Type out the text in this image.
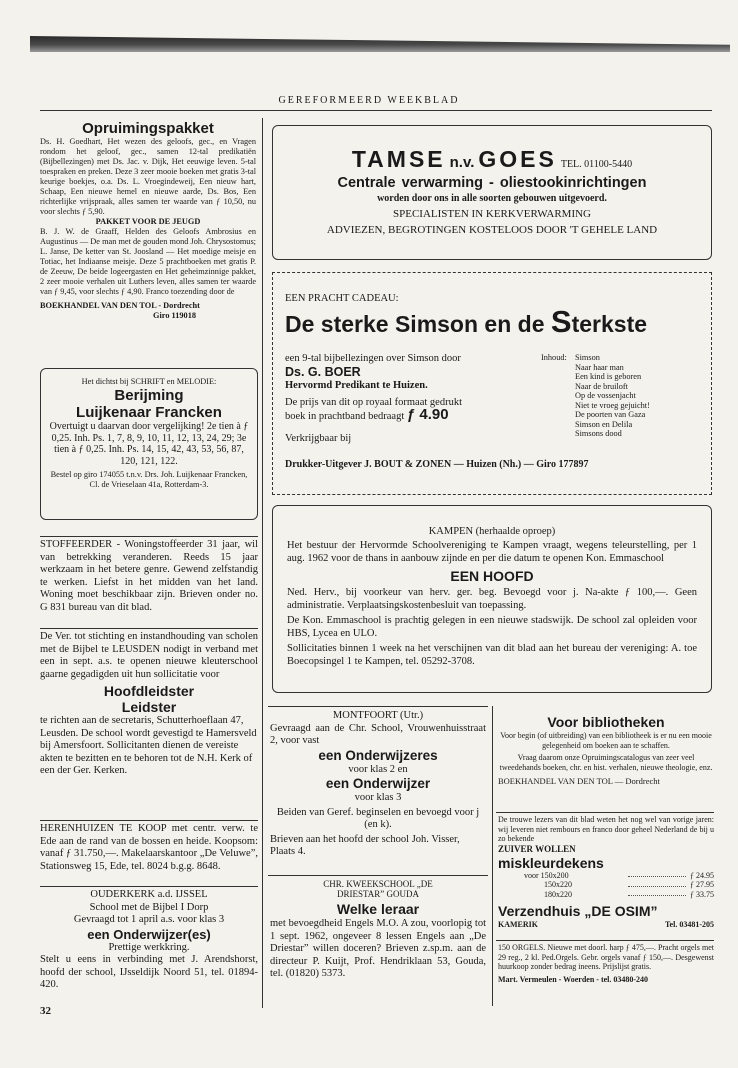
GEREFORMEERD WEEKBLAD
Opruimingspakket

Ds. H. Goedhart, Het wezen des geloofs, gec., en Vragen rondom het geloof, gec., samen 12-tal predikatiën (Bijbellezingen) met Ds. Jac. v. Dijk, Het eeuwige leven. 5-tal toespraken en preken. Deze 3 zeer mooie boeken met gratis 3-tal keurige boekjes, o.a. Ds. L. Vroegindeweij, Een nieuw hart, Schaap, Een nieuwe hemel en nieuwe aarde, Ds. Bos, Een richterlijke vrijspraak, alles samen ter waarde van ƒ 10,50, nu voor slechts ƒ 5,90.

PAKKET VOOR DE JEUGD

B. J. W. de Graaff, Helden des Geloofs Ambrosius en Augustinus — De man met de gouden mond Joh. Chrysostomus; L. Janse, De ketter van St. Joosland — Het moedige meisje en Totiac, het Indiaanse meisje. Deze 5 prachtboeken met gratis P. de Zeeuw, De beide logeergasten en Het geheimzinnige pakket, 2 zeer mooie verhalen uit Luthers leven, alles samen ter waarde van ƒ 9,45, voor slechts ƒ 4,90. Franco toezending door de

BOEKHANDEL VAN DEN TOL - Dordrecht

Giro 119018

Het dichtst bij SCHRIFT en MELODIE:

Berijming
Luijkenaar Francken

Overtuigt u daarvan door vergelijking! 2e tien à ƒ 0,25. Inh. Ps. 1, 7, 8, 9, 10, 11, 12, 13, 24, 29; 3e tien à ƒ 0,25. Inh. Ps. 14, 15, 42, 43, 53, 56, 87, 120, 121, 122.

Bestel op giro 174055 t.n.v. Drs. Joh. Luijkenaar Francken, Cl. de Vrieselaan 41a, Rotterdam-3.

STOFFEERDER - Woningstoffeerder 31 jaar, wil van betrekking veranderen. Reeds 15 jaar werkzaam in het betere genre. Gewend zelfstandig te werken. Liefst in het midden van het land. Woning moet beschikbaar zijn. Brieven onder no. G 831 bureau van dit blad.

De Ver. tot stichting en instandhouding van scholen met de Bijbel te LEUSDEN nodigt in verband met een in sept. a.s. te openen nieuwe kleuterschool gaarne gegadigden uit hun sollicitatie voor

Hoofdleidster
Leidster

te richten aan de secretaris, Schutterhoeflaan 47, Leusden. De school wordt gevestigd te Hamersveld bij Amersfoort. Sollicitanten dienen de vereiste akten te bezitten en te behoren tot de N.H. Kerk of een der Ger. Kerken.

HERENHUIZEN TE KOOP met centr. verw. te Ede aan de rand van de bossen en heide. Koopsom: vanaf ƒ 31.750,—. Makelaarskantoor „De Veluwe”, Stationsweg 15, Ede, tel. 8024 b.g.g. 8648.

OUDERKERK a.d. IJSSEL

School met de Bijbel I Dorp

Gevraagd tot 1 april a.s. voor klas 3

een Onderwijzer(es)

Prettige werkkring.

Stelt u eens in verbinding met J. Arendshorst, hoofd der school, IJsseldijk Noord 51, tel. 01894-420.

32
TAMSE n.v. GOES TEL. 01100-5440
Centrale verwarming - oliestookinrichtingen

worden door ons in alle soorten gebouwen uitgevoerd.

SPECIALISTEN IN KERKVERWARMING

ADVIEZEN, BEGROTINGEN KOSTELOOS DOOR 'T GEHELE LAND

EEN PRACHT CADEAU:

De sterke Simson en de Sterkste

een 9-tal bijbellezingen over Simson door

Ds. G. BOER

Hervormd Predikant te Huizen.

De prijs van dit op royaal formaat gedrukt boek in prachtband bedraagt ƒ 4.90

Verkrijgbaar bij

Inhoud: Simson
Naar haar man
Een kind is geboren
Naar de bruiloft
Op de vossenjacht
Niet te vroeg gejuicht!
De poorten van Gaza
Simson en Delila
Simsons dood

Drukker-Uitgever J. BOUT & ZONEN — Huizen (Nh.) — Giro 177897

KAMPEN (herhaalde oproep)

Het bestuur der Hervormde Schoolvereniging te Kampen vraagt, wegens teleurstelling, per 1 aug. 1962 voor de thans in aanbouw zijnde en per die datum te openen Kon. Emmaschool

EEN HOOFD

Ned. Herv., bij voorkeur van herv. ger. beg. Bevoegd voor j. Na-akte ƒ 100,—. Geen administratie. Verplaatsingskostenbesluit van toepassing.

De Kon. Emmaschool is prachtig gelegen in een nieuwe stadswijk. De school zal opleiden voor HBS, Lycea en ULO.

Sollicitaties binnen 1 week na het verschijnen van dit blad aan het bureau der vereniging: A. toe Boecopsingel 1 te Kampen, tel. 05292-3708.

MONTFOORT (Utr.)

Gevraagd aan de Chr. School, Vrouwenhuisstraat 2, voor vast

een Onderwijzeres

voor klas 2 en

een Onderwijzer

voor klas 3

Beiden van Geref. beginselen en bevoegd voor j (en k).

Brieven aan het hoofd der school Joh. Visser, Plaats 4.

CHR. KWEEKSCHOOL „DE DRIESTAR” GOUDA

Welke leraar

met bevoegdheid Engels M.O. A zou, voorlopig tot 1 sept. 1962, ongeveer 8 lessen Engels aan „De Driestar” willen doceren? Brieven z.sp.m. aan de directeur P. Kuijt, Prof. Hendriklaan 53, Gouda, tel. (01820) 5373.

Voor bibliotheken

Voor begin (of uitbreiding) van een bibliotheek is er nu een mooie gelegenheid om boeken aan te schaffen.

Vraag daarom onze Opruimingscatalogus van zeer veel tweedehands boeken, chr. en hist. verhalen, nieuwe theologie, enz.

BOEKHANDEL VAN DEN TOL — Dordrecht

De trouwe lezers van dit blad weten het nog wel van vorige jaren: wij leveren niet rembours en franco door geheel Nederland de bij u zo bekende

ZUIVER WOLLEN

miskleurdekens
voor 150x200	ƒ 24.95
150x220	ƒ 27.95
180x220	ƒ 33.75
Verzendhuis „DE OSIM”
KAMERIK	Tel. 03481-205

150 ORGELS. Nieuwe met doorl. harp ƒ 475,—. Pracht orgels met 29 reg., 2 kl. Ped.Orgels. Gebr. orgels vanaf ƒ 150,—. Desgewenst huurkoop zonder bedrag ineens. Prijslijst gratis.

Mart. Vermeulen - Woerden - tel. 03480-240
